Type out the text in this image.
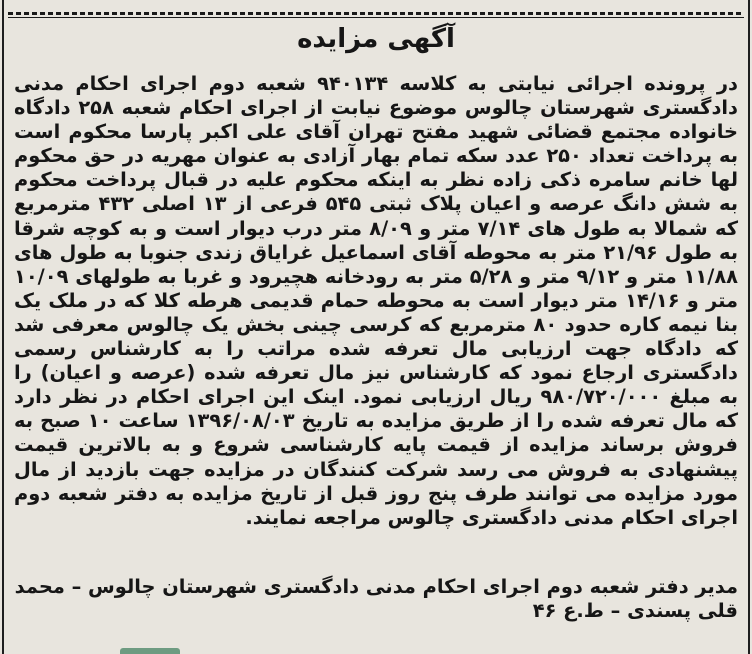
آگهی مزایده

در پرونده اجرائی نیابتی به کلاسه ۹۴۰۱۳۴ شعبه دوم اجرای احکام مدنی دادگستری شهرستان چالوس موضوع نیابت از اجرای احکام شعبه ۲۵۸ دادگاه خانواده مجتمع قضائی شهید مفتح تهران آقای علی اکبر پارسا محکوم است به پرداخت تعداد ۲۵۰ عدد سکه تمام بهار آزادی به عنوان مهریه در حق محکوم لها خانم سامره ذکی زاده نظر به اینکه محکوم علیه در قبال پرداخت محکوم به شش دانگ عرصه و اعیان پلاک ثبتی ۵۴۵ فرعی از ۱۳ اصلی ۴۳۲ مترمربع که شمالا به طول های ۷/۱۴ متر و ۸/۰۹ متر درب دیوار است و به کوچه شرقا به طول ۲۱/۹۶ متر به محوطه آقای اسماعیل غرایاق زندی جنوبا به طول های ۱۱/۸۸ متر و ۹/۱۲ متر و ۵/۲۸ متر به رودخانه هچیرود و غربا به طولهای ۱۰/۰۹ متر و ۱۴/۱۶ متر دیوار است به محوطه حمام قدیمی هرطه کلا که در ملک یک بنا نیمه کاره حدود ۸۰ مترمربع که کرسی چینی بخش یک چالوس معرفی شد که دادگاه جهت ارزیابی مال تعرفه شده مراتب را به کارشناس رسمی دادگستری ارجاع نمود که کارشناس نیز مال تعرفه شده (عرصه و اعیان) را به مبلغ ۹۸۰/۷۲۰/۰۰۰ ریال ارزیابی نمود. اینک این اجرای احکام در نظر دارد که مال تعرفه شده را از طریق مزایده به تاریخ ۱۳۹۶/۰۸/۰۳ ساعت ۱۰ صبح به فروش برساند مزایده از قیمت پایه کارشناسی شروع و به بالاترین قیمت پیشنهادی به فروش می رسد شرکت کنندگان در مزایده جهت بازدید از مال مورد مزایده می توانند طرف پنج روز قبل از تاریخ مزایده به دفتر شعبه دوم اجرای احکام مدنی دادگستری چالوس مراجعه نمایند.

مدیر دفتر شعبه دوم اجرای احکام مدنی دادگستری شهرستان چالوس – محمد قلی پسندی – ط.ع ۴۶
